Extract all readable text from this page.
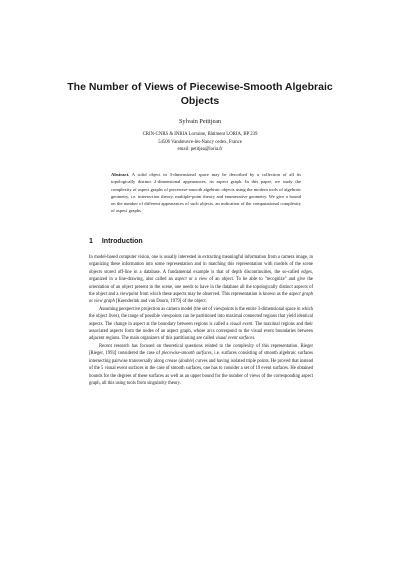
The Number of Views of Piecewise-Smooth Algebraic Objects
Sylvain Petitjean
CRIN-CNRS & INRIA Lorraine, Bâtiment LORIA, BP 239
54506 Vandœuvre-lès-Nancy cedex, France
email: petitjea@loria.fr
Abstract. A solid object in 3-dimensional space may be described by a collection of all its topologically distinct 2-dimensional appearances, its aspect graph. In this paper, we study the complexity of aspect graphs of piecewise-smooth algebraic objects using the modern tools of algebraic geometry, i.e. intersection theory, multiple-point theory and enumerative geometry. We give a bound on the number of different appearances of such objects, an indication of the computational complexity of aspect graphs.
1 Introduction

In model-based computer vision, one is usually interested in extracting meaningful information from a camera image, in organizing these information into some representation and in matching this representation with models of the scene objects stored off-line in a database. A fundamental example is that of depth discontinuities, the so-called edges, organized in a line-drawing, also called an aspect or a view of an object. To be able to "recognize" and give the orientation of an object present in the scene, one needs to have in the database all the topologically distinct aspects of the object and a viewpoint from which these aspects may be observed. This representation is known as the aspect graph or view graph [Koenderink and van Doorn, 1979] of the object.

Assuming perspective projection as camera model (the set of viewpoints is the entire 3-dimensional space in which the object lives), the range of possible viewpoints can be partitioned into maximal connected regions that yield identical aspects. The change in aspect at the boundary between regions is called a visual event. The maximal regions and their associated aspects form the nodes of an aspect graph, whose arcs correspond to the visual event boundaries between adjacent regions. The main organizers of this partitioning are called visual event surfaces.

Recent research has focused on theoretical questions related to the complexity of this representation. Rieger [Rieger, 1993] considered the case of piecewise-smooth surfaces, i.e. surfaces consisting of smooth algebraic surfaces intersecting pairwise transversally along crease (double) curves and having isolated triple points. He proved that instead of the 5 visual event surfaces in the case of smooth surfaces, one has to consider a set of 19 event surfaces. He obtained bounds for the degrees of these surfaces as well as an upper bound for the number of views of the corresponding aspect graph, all this using tools from singularity theory.
